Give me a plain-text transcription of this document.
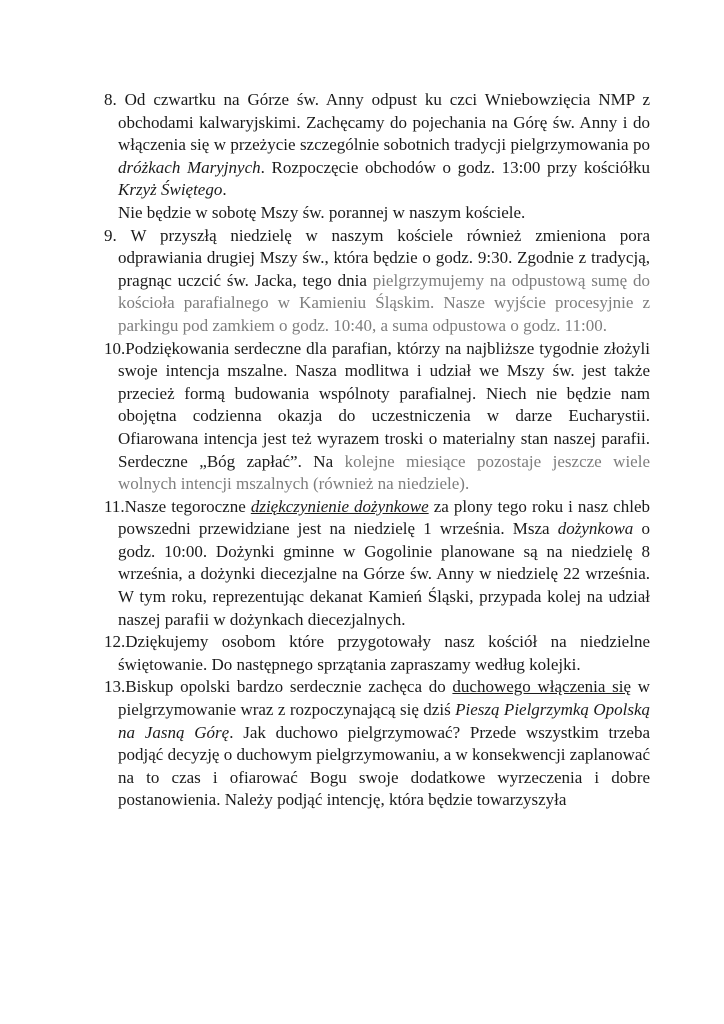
8. Od czwartku na Górze św. Anny odpust ku czci Wniebowzięcia NMP z obchodami kalwaryjskimi. Zachęcamy do pojechania na Górę św. Anny i do włączenia się w przeżycie szczególnie sobotnich tradycji pielgrzymowania po dróżkach Maryjnych. Rozpoczęcie obchodów o godz. 13:00 przy kościółku Krzyż Świętego.
Nie będzie w sobotę Mszy św. porannej w naszym kościele.
9. W przyszłą niedzielę w naszym kościele również zmieniona pora odprawiania drugiej Mszy św., która będzie o godz. 9:30. Zgodnie z tradycją, pragnąc uczcić św. Jacka, tego dnia pielgrzymujemy na odpustową sumę do kościoła parafialnego w Kamieniu Śląskim. Nasze wyjście procesyjnie z parkingu pod zamkiem o godz. 10:40, a suma odpustowa o godz. 11:00.
10.Podziękowania serdeczne dla parafian, którzy na najbliższe tygodnie złożyli swoje intencja mszalne. Nasza modlitwa i udział we Mszy św. jest także przecież formą budowania wspólnoty parafialnej. Niech nie będzie nam obojętna codzienna okazja do uczestniczenia w darze Eucharystii. Ofiarowana intencja jest też wyrazem troski o materialny stan naszej parafii. Serdeczne „Bóg zapłać”. Na kolejne miesiące pozostaje jeszcze wiele wolnych intencji mszalnych (również na niedziele).
11.Nasze tegoroczne dziękczynienie dożynkowe za plony tego roku i nasz chleb powszedni przewidziane jest na niedzielę 1 września. Msza dożynkowa o godz. 10:00. Dożynki gminne w Gogolinie planowane są na niedzielę 8 września, a dożynki diecezjalne na Górze św. Anny w niedzielę 22 września. W tym roku, reprezentując dekanat Kamień Śląski, przypada kolej na udział naszej parafii w dożynkach diecezjalnych.
12.Dziękujemy osobom które przygotowały nasz kościół na niedzielne świętowanie. Do następnego sprzątania zapraszamy według kolejki.
13.Biskup opolski bardzo serdecznie zachęca do duchowego włączenia się w pielgrzymowanie wraz z rozpoczynającą się dziś Pieszą Pielgrzymką Opolską na Jasną Górę. Jak duchowo pielgrzymować? Przede wszystkim trzeba podjąć decyzję o duchowym pielgrzymowaniu, a w konsekwencji zaplanować na to czas i ofiarować Bogu swoje dodatkowe wyrzeczenia i dobre postanowienia. Należy podjąć intencję, która będzie towarzyszyła
